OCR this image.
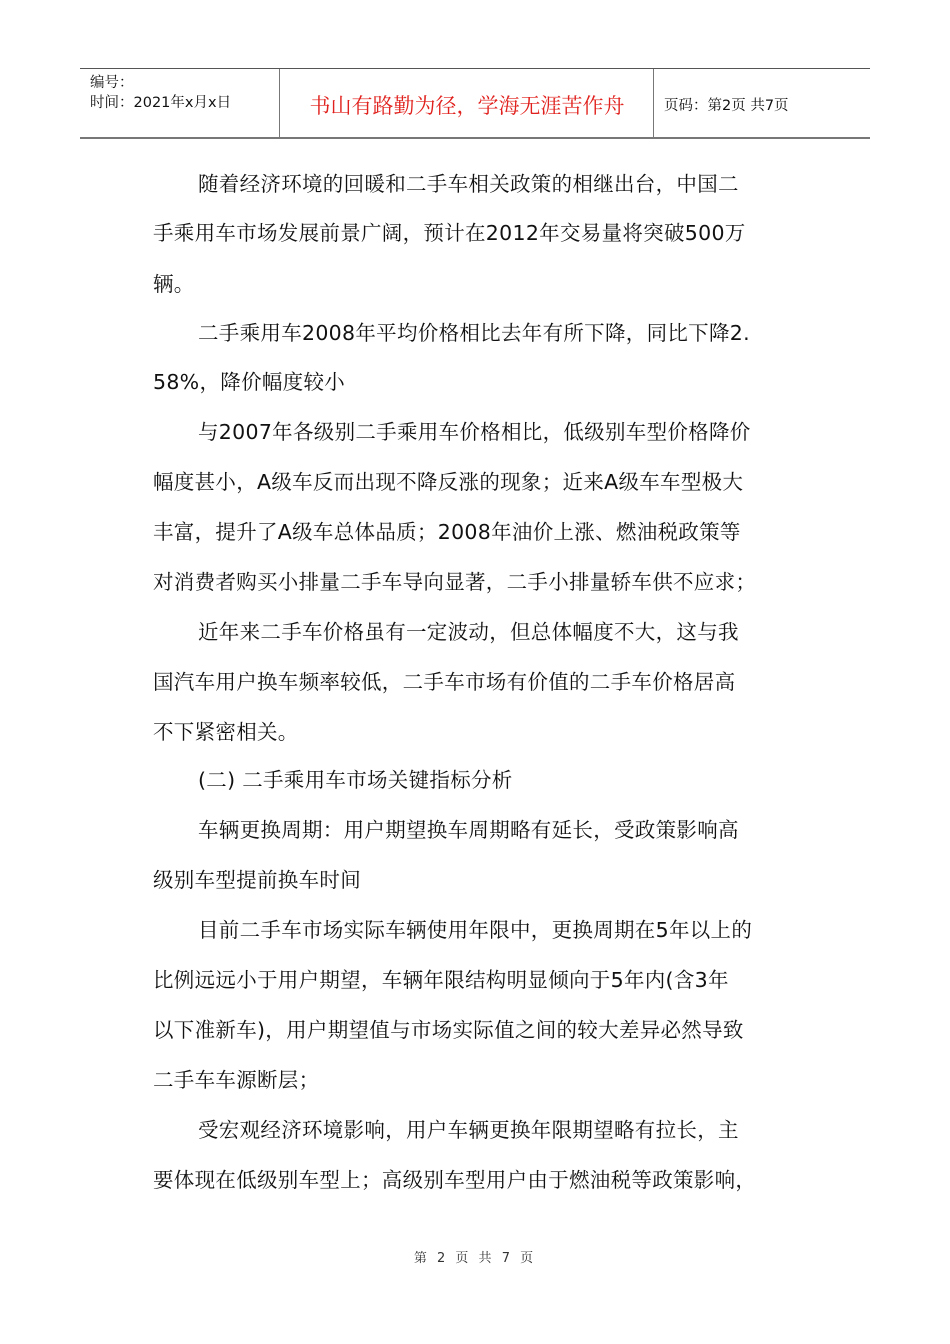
编号：
时间：2021年x月x日	书山有路勤为径，学海无涯苦作舟	页码：第2页 共7页
随着经济环境的回暖和二手车相关政策的相继出台，中国二
手乘用车市场发展前景广阔，预计在2012年交易量将突破500万
辆。
二手乘用车2008年平均价格相比去年有所下降，同比下降2.
58%，降价幅度较小
与2007年各级别二手乘用车价格相比，低级别车型价格降价
幅度甚小，A级车反而出现不降反涨的现象；近来A级车车型极大
丰富，提升了A级车总体品质；2008年油价上涨、燃油税政策等
对消费者购买小排量二手车导向显著，二手小排量轿车供不应求；
近年来二手车价格虽有一定波动，但总体幅度不大，这与我
国汽车用户换车频率较低，二手车市场有价值的二手车价格居高
不下紧密相关。
(二) 二手乘用车市场关键指标分析
车辆更换周期：用户期望换车周期略有延长，受政策影响高
级别车型提前换车时间
目前二手车市场实际车辆使用年限中，更换周期在5年以上的
比例远远小于用户期望，车辆年限结构明显倾向于5年内(含3年
以下准新车)，用户期望值与市场实际值之间的较大差异必然导致
二手车车源断层；
受宏观经济环境影响，用户车辆更换年限期望略有拉长，主
要体现在低级别车型上；高级别车型用户由于燃油税等政策影响，
第 2 页 共 7 页
